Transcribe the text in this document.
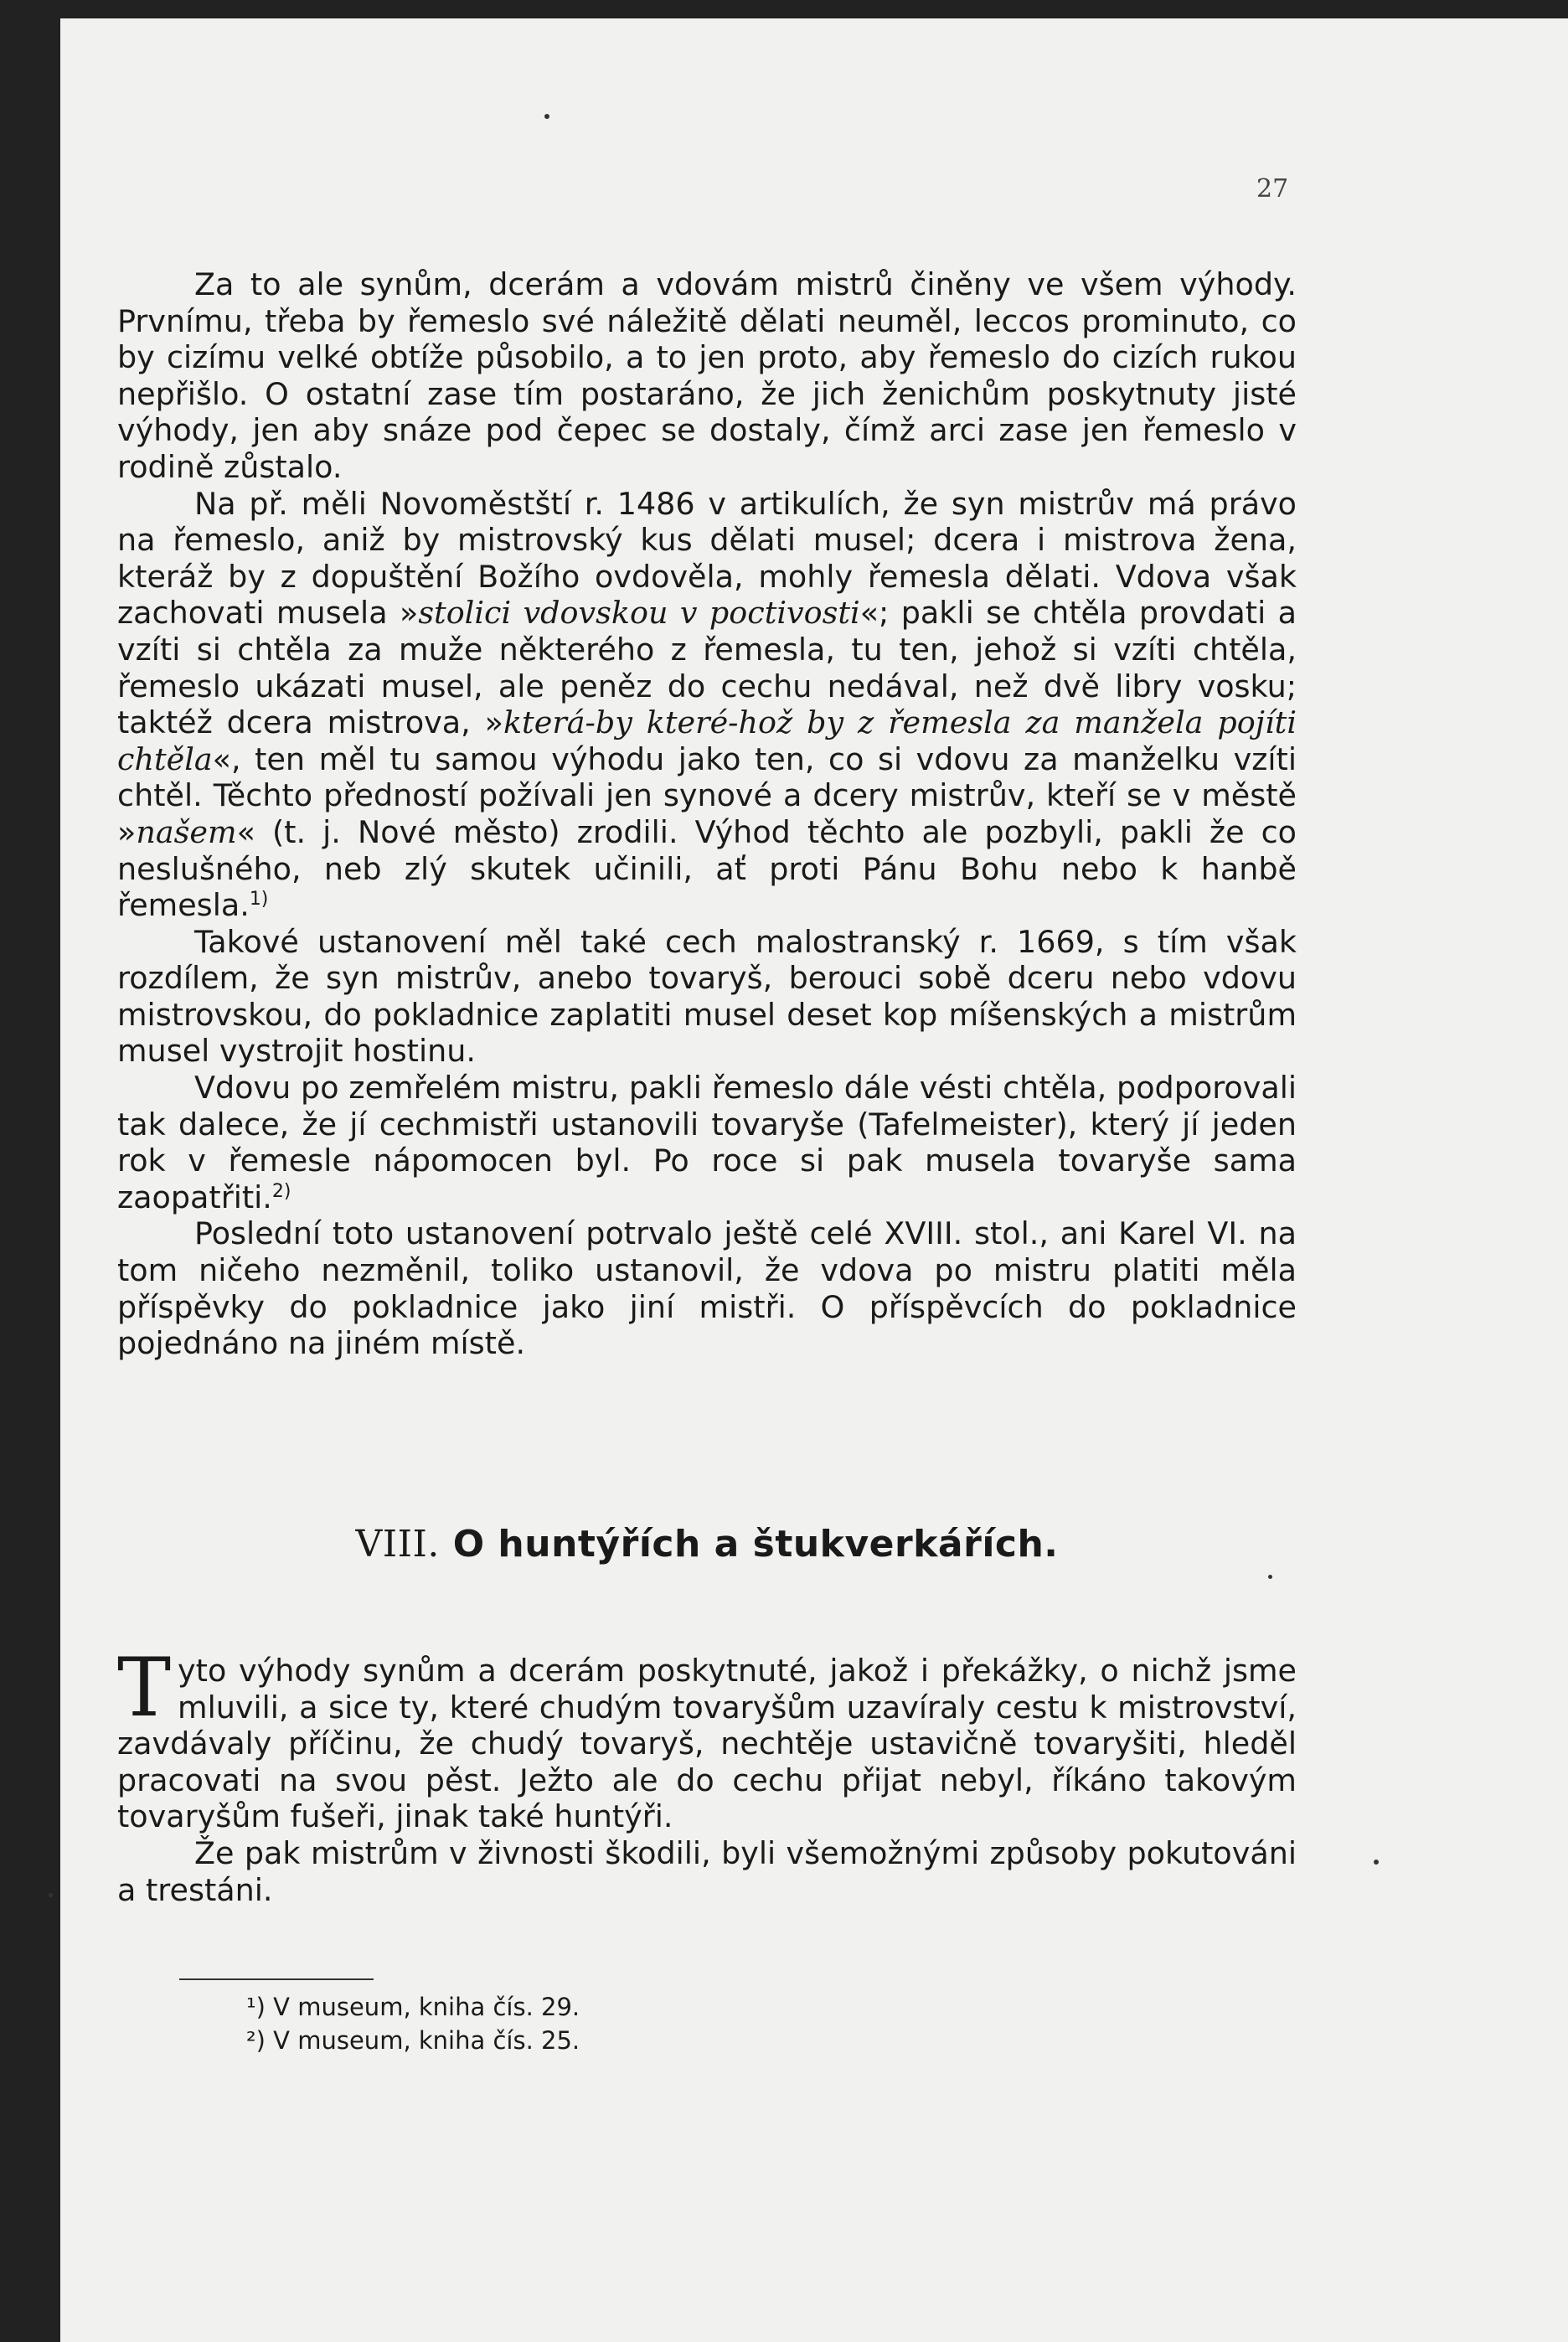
27

Za to ale synům, dcerám a vdovám mistrů činěny ve všem výhody. Prvnímu, třeba by řemeslo své náležitě dělati neuměl, leccos prominuto, co by cizímu velké obtíže působilo, a to jen proto, aby řemeslo do cizích rukou nepřišlo. O ostatní zase tím postaráno, že jich ženichům poskytnuty jisté výhody, jen aby snáze pod čepec se dostaly, čímž arci zase jen řemeslo v rodině zůstalo.

Na př. měli Novoměstští r. 1486 v artikulích, že syn mistrův má právo na řemeslo, aniž by mistrovský kus dělati musel; dcera i mistrova žena, kteráž by z dopuštění Božího ovdověla, mohly řemesla dělati. Vdova však zachovati musela »stolici vdovskou v poctivosti«; pakli se chtěla provdati a vzíti si chtěla za muže některého z řemesla, tu ten, jehož si vzíti chtěla, řemeslo ukázati musel, ale peněz do cechu nedával, než dvě libry vosku; taktéž dcera mistrova, »která-by které-hož by z řemesla za manžela pojíti chtěla«, ten měl tu samou výhodu jako ten, co si vdovu za manželku vzíti chtěl. Těchto předností požívali jen synové a dcery mistrův, kteří se v městě »našem« (t. j. Nové město) zrodili. Výhod těchto ale pozbyli, pakli že co neslušného, neb zlý skutek učinili, ať proti Pánu Bohu nebo k hanbě řemesla.$^{1)}$

Takové ustanovení měl také cech malostranský r. 1669, s tím však rozdílem, že syn mistrův, anebo tovaryš, berouci sobě dceru nebo vdovu mistrovskou, do pokladnice zaplatiti musel deset kop míšenských a mistrům musel vystrojit hostinu.

Vdovu po zemřelém mistru, pakli řemeslo dále vésti chtěla, podporovali tak dalece, že jí cechmistři ustanovili tovaryše (Tafelmeister), který jí jeden rok v řemesle nápomocen byl. Po roce si pak musela tovaryše sama zaopatřiti.$^{2)}$

Poslední toto ustanovení potrvalo ještě celé XVIII. stol., ani Karel VI. na tom ničeho nezměnil, toliko ustanovil, že vdova po mistru platiti měla příspěvky do pokladnice jako jiní mistři. O příspěvcích do pokladnice pojednáno na jiném místě.

VIII. O huntýřích a štukverkářích.

Tyto výhody synům a dcerám poskytnuté, jakož i překážky, o nichž jsme mluvili, a sice ty, které chudým tovaryšům uzavíraly cestu k mistrovství, zavdávaly příčinu, že chudý tovaryš, nechtěje ustavičně tovaryšiti, hleděl pracovati na svou pěst. Ježto ale do cechu přijat nebyl, říkáno takovým tovaryšům fušeři, jinak také huntýři.

Že pak mistrům v živnosti škodili, byli všemožnými způsoby pokutováni a trestáni.

¹) V museum, kniha čís. 29.
²) V museum, kniha čís. 25.
